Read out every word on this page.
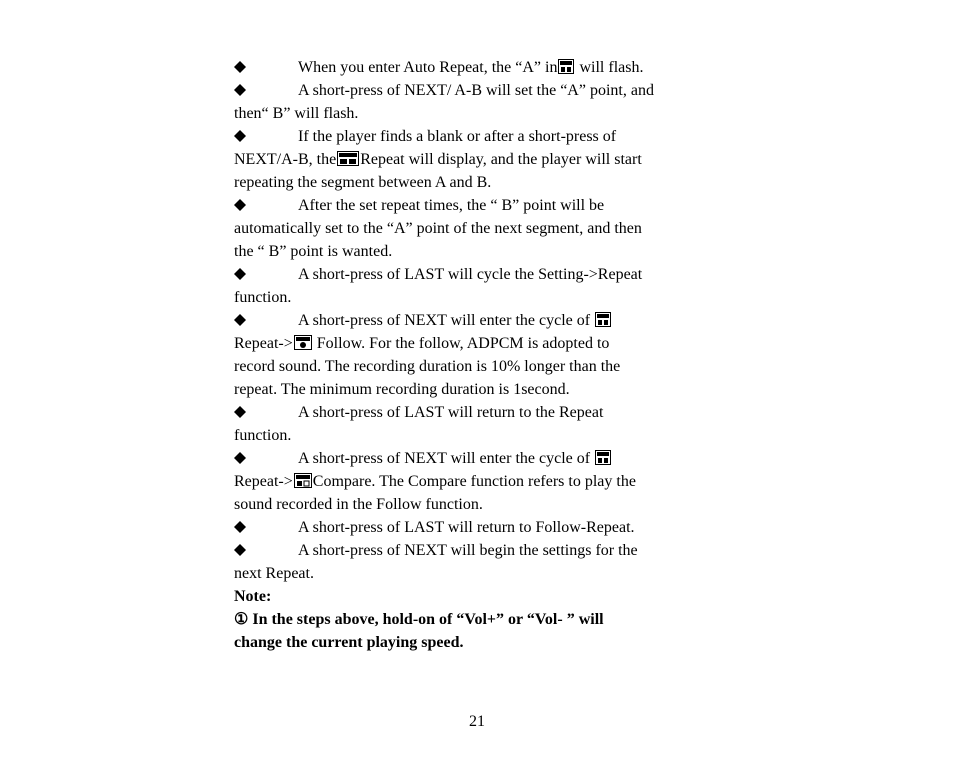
When you enter Auto Repeat, the “A” in will flash.
A short-press of NEXT/ A-B will set the “A” point, and
then“ B” will flash.
If the player finds a blank or after a short-press of
NEXT/A-B, the Repeat will display, and the player will start
repeating the segment between A and B.
After the set repeat times, the “ B” point will be
automatically set to the “A” point of the next segment, and then
the “ B” point is wanted.
A short-press of LAST will cycle the Setting->Repeat
function.
A short-press of NEXT will enter the cycle of
Repeat-> Follow. For the follow, ADPCM is adopted to
record sound. The recording duration is 10% longer than the
repeat. The minimum recording duration is 1second.
A short-press of LAST will return to the Repeat
function.
A short-press of NEXT will enter the cycle of
Repeat-> Compare. The Compare function refers to play the
sound recorded in the Follow function.
A short-press of LAST will return to Follow-Repeat.
A short-press of NEXT will begin the settings for the
next Repeat.
Note:
① In the steps above, hold-on of “Vol+” or “Vol- ” will
change the current playing speed.
21
